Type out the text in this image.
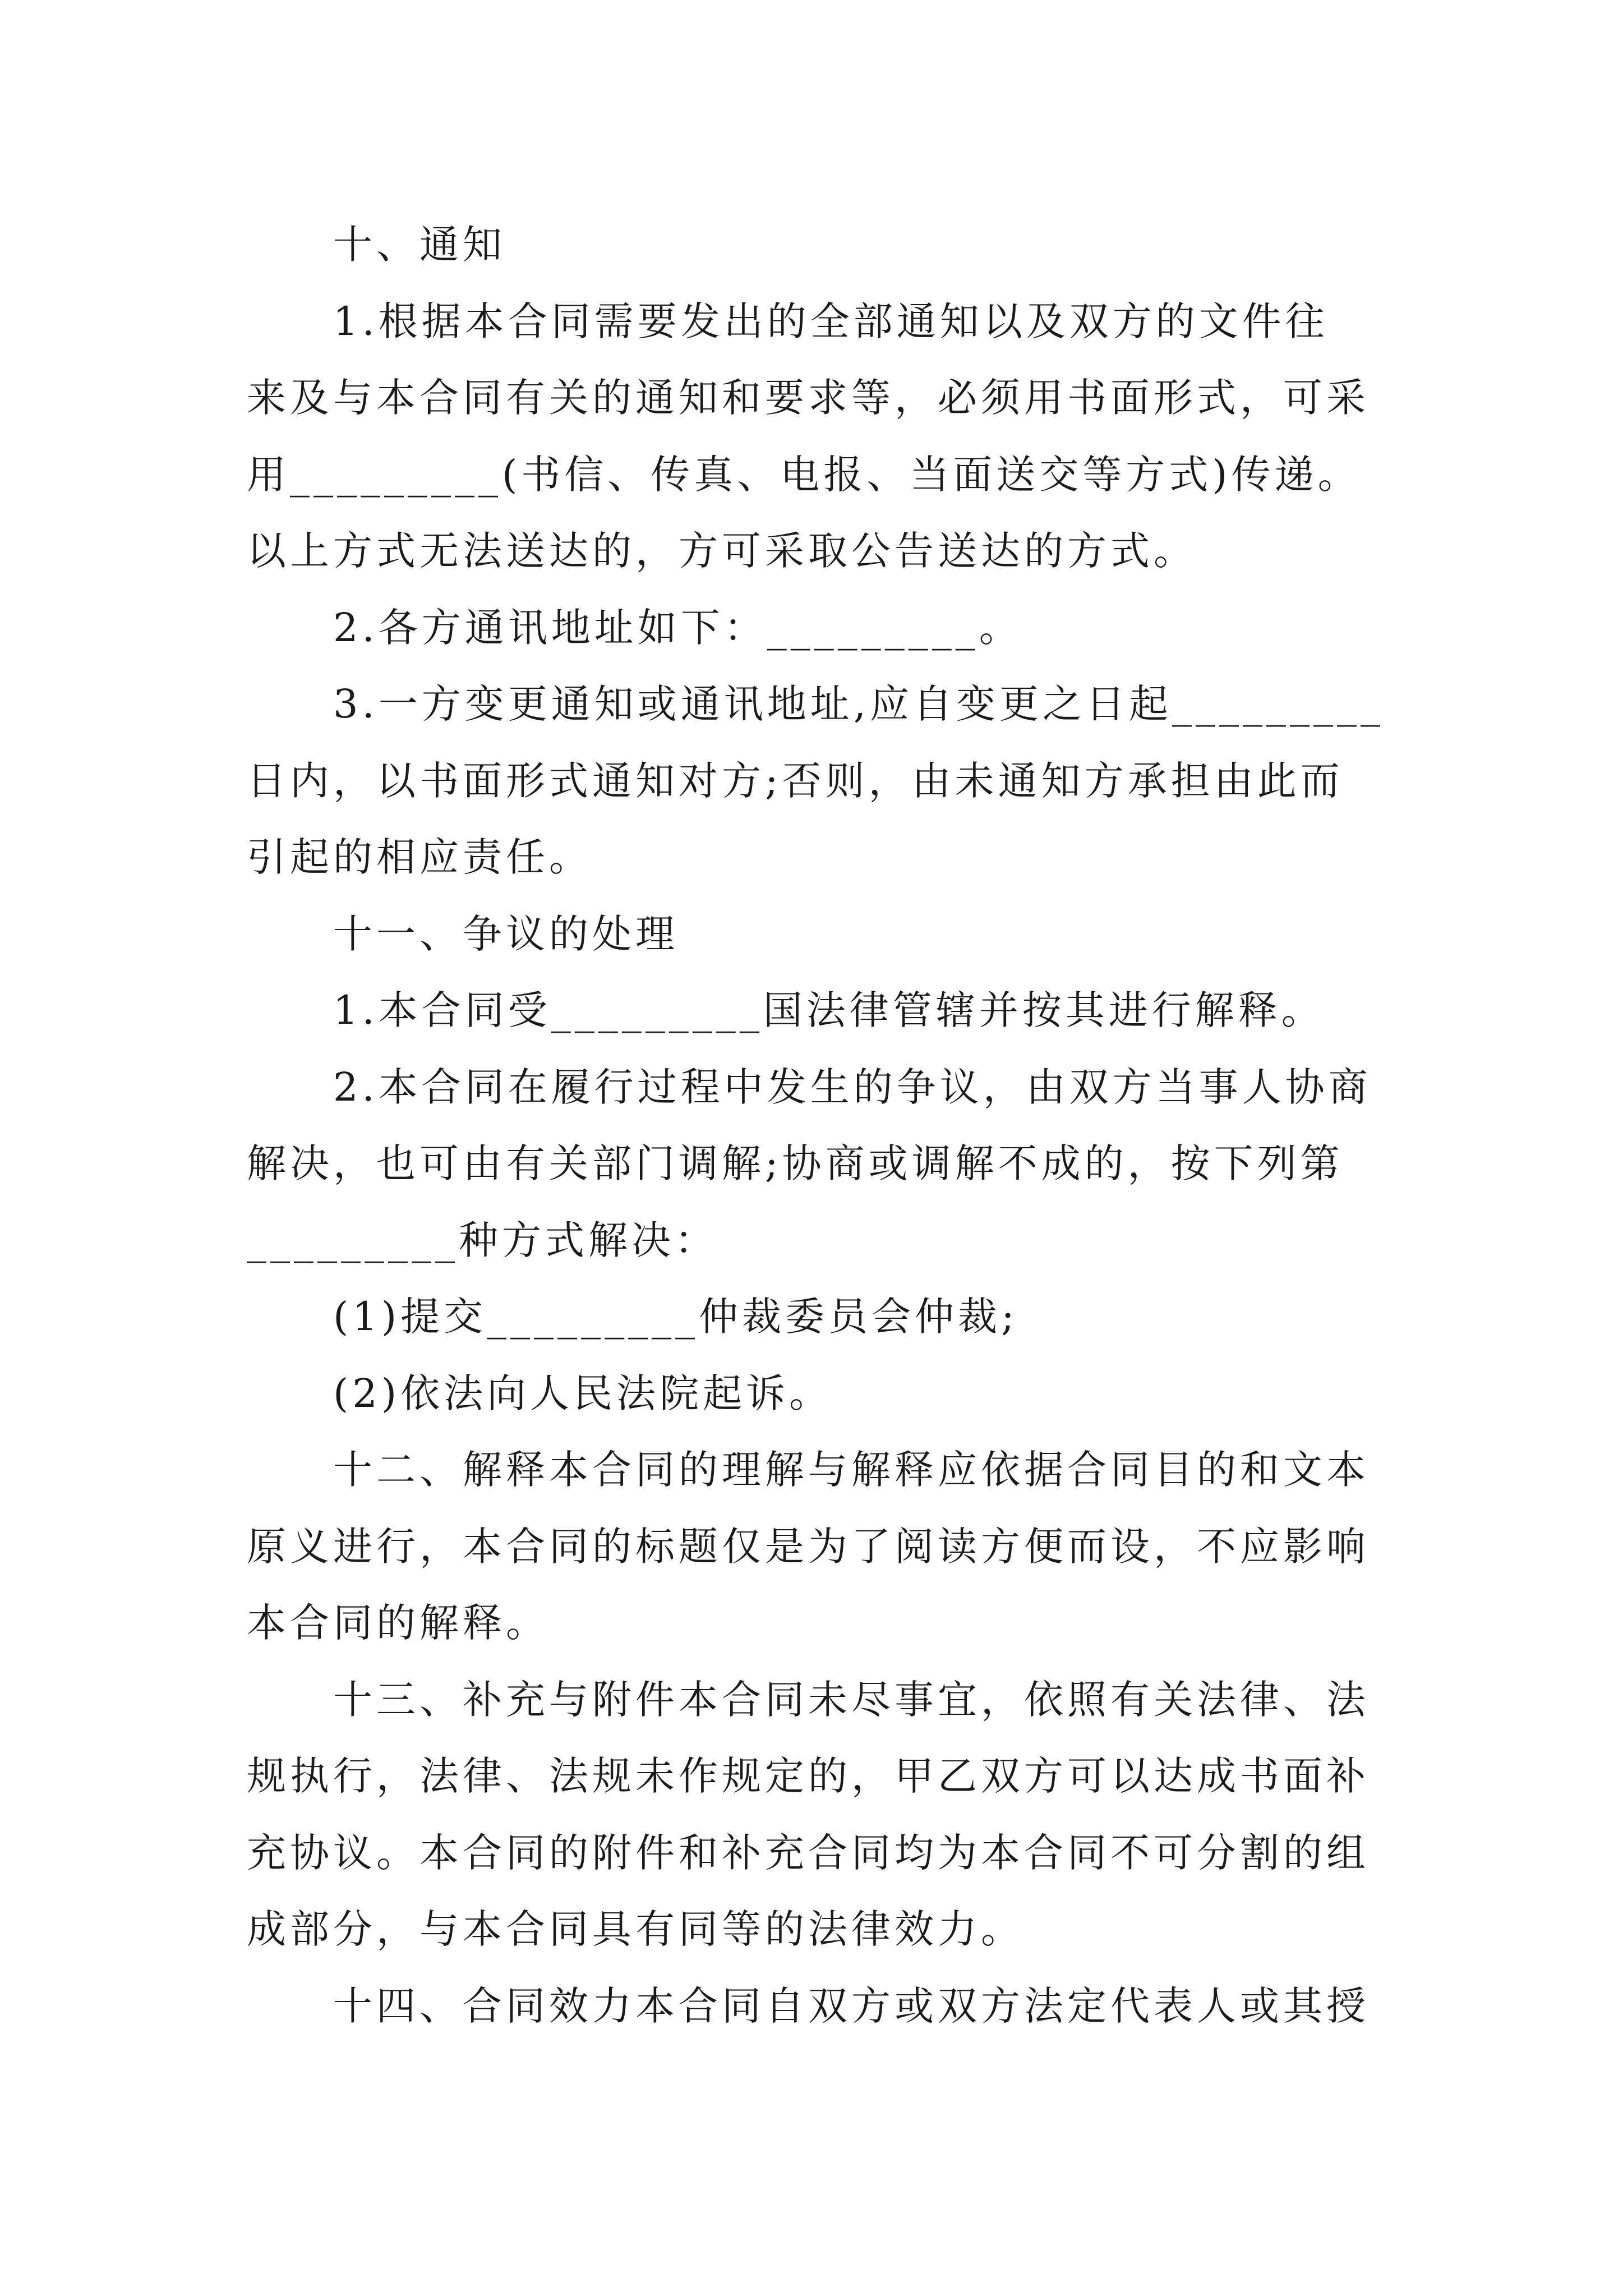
十、通知

1.根据本合同需要发出的全部通知以及双方的文件往

来及与本合同有关的通知和要求等，必须用书面形式，可采

用_________(书信、传真、电报、当面送交等方式)传递。

以上方式无法送达的，方可采取公告送达的方式。

2.各方通讯地址如下：_________。

3.一方变更通知或通讯地址,应自变更之日起_________

日内，以书面形式通知对方;否则，由未通知方承担由此而

引起的相应责任。

十一、争议的处理

1.本合同受_________国法律管辖并按其进行解释。

2.本合同在履行过程中发生的争议，由双方当事人协商

解决，也可由有关部门调解;协商或调解不成的，按下列第

_________种方式解决：

(1)提交_________仲裁委员会仲裁;

(2)依法向人民法院起诉。

十二、解释本合同的理解与解释应依据合同目的和文本

原义进行，本合同的标题仅是为了阅读方便而设，不应影响

本合同的解释。

十三、补充与附件本合同未尽事宜，依照有关法律、法

规执行，法律、法规未作规定的，甲乙双方可以达成书面补

充协议。本合同的附件和补充合同均为本合同不可分割的组

成部分，与本合同具有同等的法律效力。

十四、合同效力本合同自双方或双方法定代表人或其授
